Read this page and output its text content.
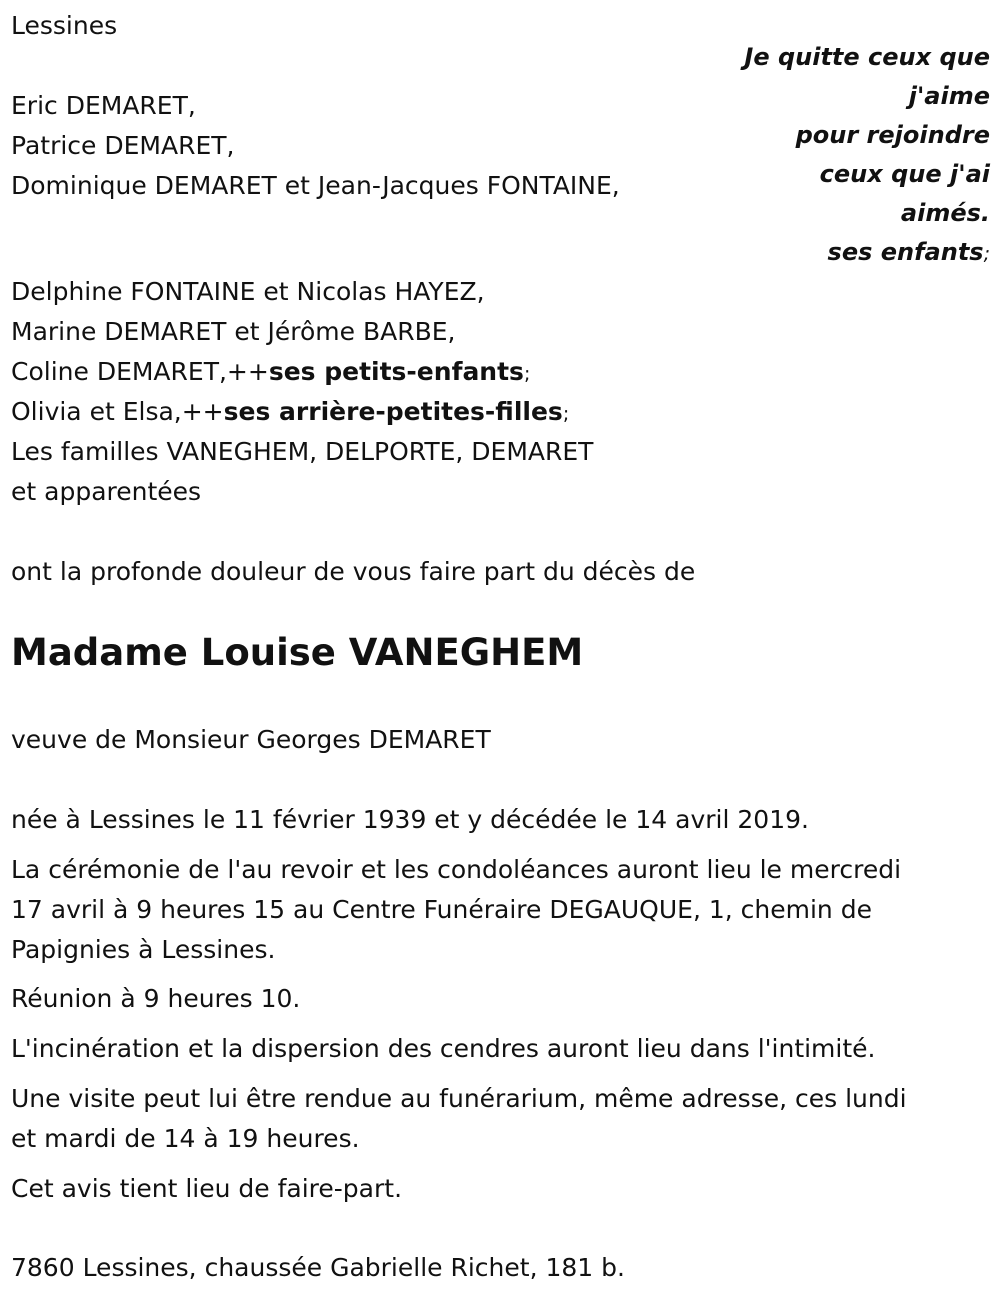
Lessines
Eric DEMARET,
Patrice DEMARET,
Dominique DEMARET et Jean-Jacques FONTAINE,
Delphine FONTAINE et Nicolas HAYEZ,
Marine DEMARET et Jérôme BARBE,
Coline DEMARET,++ses petits-enfants;
Olivia et Elsa,++ses arrière-petites-filles;
Les familles VANEGHEM, DELPORTE, DEMARET
et apparentées
ont la profonde douleur de vous faire part du décès de
Madame Louise VANEGHEM
veuve de Monsieur Georges DEMARET
née à Lessines le 11 février 1939 et y décédée le 14 avril 2019.
La cérémonie de l'au revoir et les condoléances auront lieu le mercredi
17 avril à 9 heures 15 au Centre Funéraire DEGAUQUE, 1, chemin de
Papignies à Lessines.
Réunion à 9 heures 10.
L'incinération et la dispersion des cendres auront lieu dans l'intimité.
Une visite peut lui être rendue au funérarium, même adresse, ces lundi
et mardi de 14 à 19 heures.
Cet avis tient lieu de faire-part.
7860 Lessines, chaussée Gabrielle Richet, 181 b.
Je quitte ceux que
j'aime
pour rejoindre
ceux que j'ai
aimés.
ses enfants;
